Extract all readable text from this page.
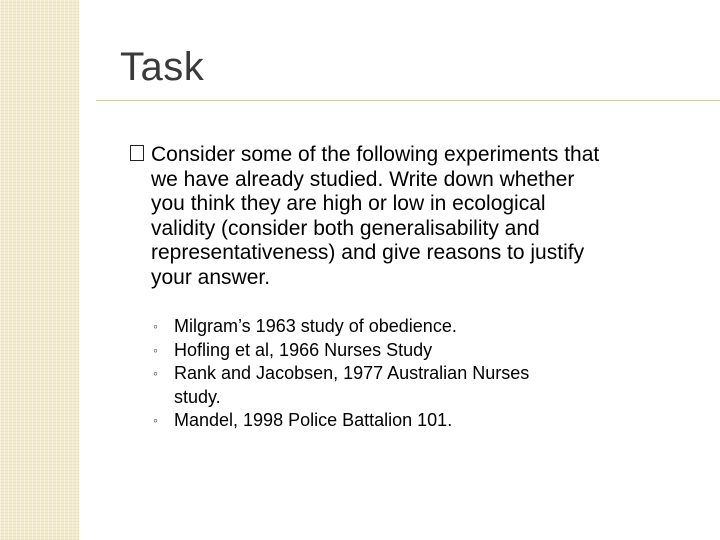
Task
Consider some of the following experiments that we have already studied. Write down whether you think they are high or low in ecological validity (consider both generalisability and representativeness) and give reasons to justify your answer.
◦ Milgram’s 1963 study of obedience.
◦ Hofling et al, 1966 Nurses Study
◦ Rank and Jacobsen, 1977 Australian Nurses study.
◦ Mandel, 1998 Police Battalion 101.
